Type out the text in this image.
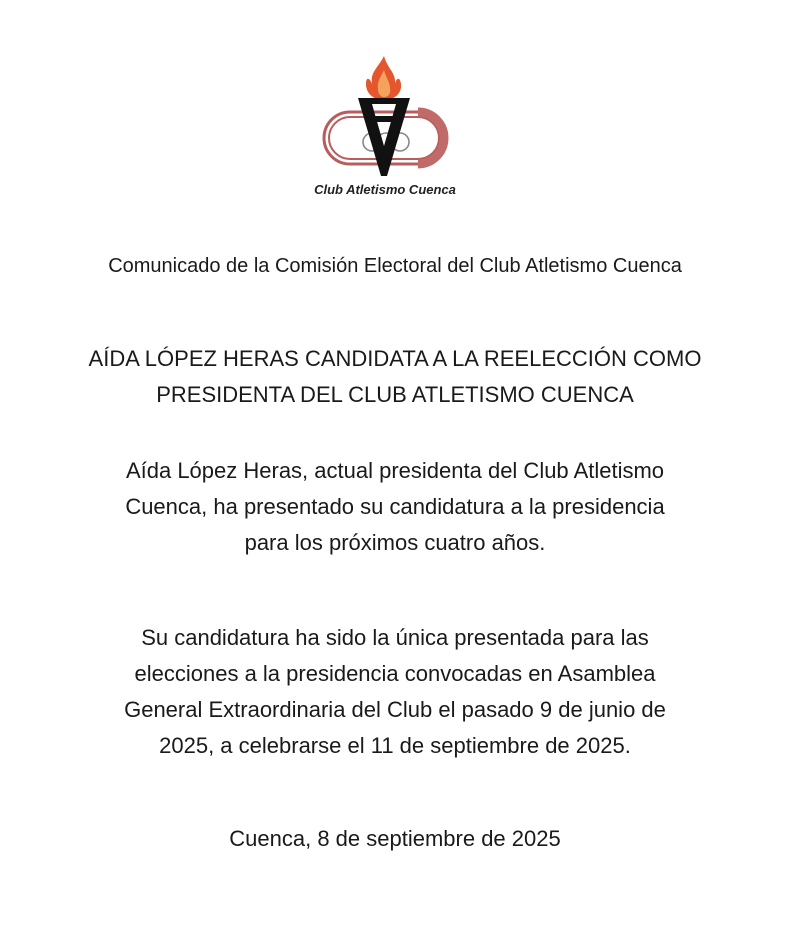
Club Atletismo Cuenca
Comunicado de la Comisión Electoral del Club Atletismo Cuenca
AÍDA LÓPEZ HERAS CANDIDATA A LA REELECCIÓN COMO
PRESIDENTA DEL CLUB ATLETISMO CUENCA
Aída López Heras, actual presidenta del Club Atletismo
Cuenca, ha presentado su candidatura a la presidencia
para los próximos cuatro años.
Su candidatura ha sido la única presentada para las
elecciones a la presidencia convocadas en Asamblea
General Extraordinaria del Club el pasado 9 de junio de
2025, a celebrarse el 11 de septiembre de 2025.
Cuenca, 8 de septiembre de 2025
